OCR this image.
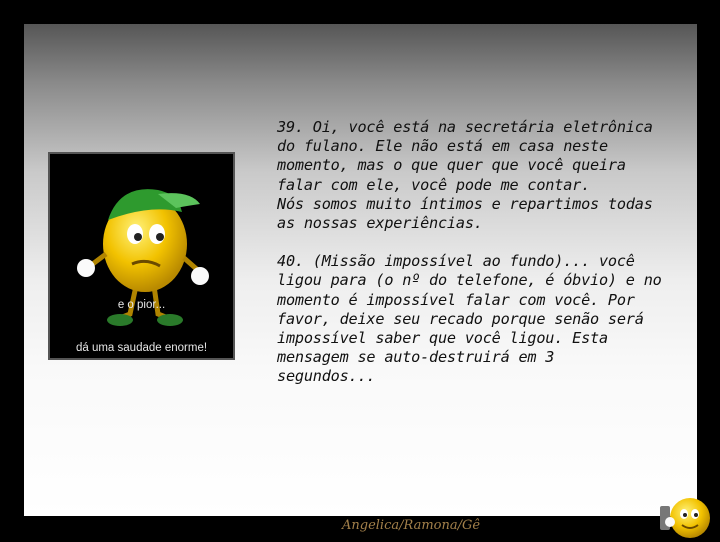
e o pior...
dá uma saudade enorme!

39. Oi, você está na secretária eletrônica
do fulano. Ele não está em casa neste
momento, mas o que quer que você queira
falar com ele, você pode me contar.
Nós somos muito íntimos e repartimos todas
as nossas experiências.

40. (Missão impossível ao fundo)... você
ligou para (o nº do telefone, é óbvio) e no
momento é impossível falar com você. Por
favor, deixe seu recado porque senão será
impossível saber que você ligou. Esta
mensagem se auto-destruirá em 3
segundos...

Angelica/Ramona/Gê
